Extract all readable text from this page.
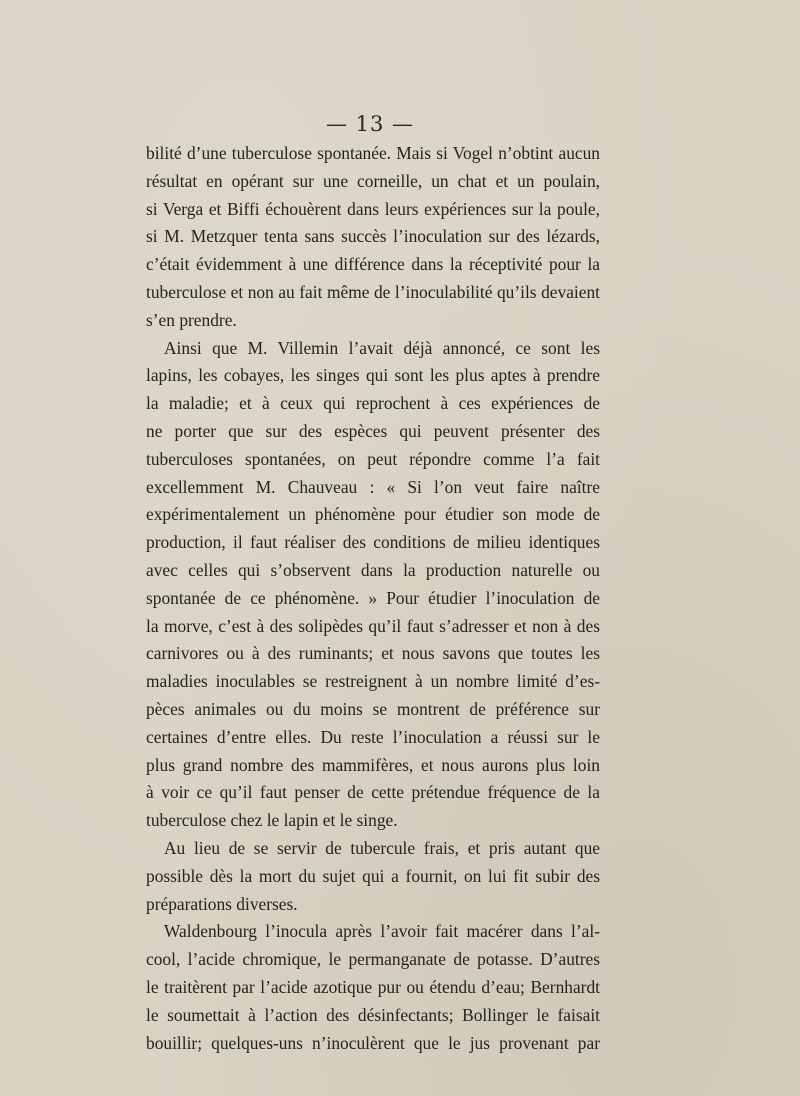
— 13 —
bilité d’une tuberculose spontanée. Mais si Vogel n’obtint aucun
résultat en opérant sur une corneille, un chat et un poulain,
si Verga et Biffi échouèrent dans leurs expériences sur la poule,
si M. Metzquer tenta sans succès l’inoculation sur des lézards,
c’était évidemment à une différence dans la réceptivité pour la
tuberculose et non au fait même de l’inoculabilité qu’ils devaient
s’en prendre.
Ainsi que M. Villemin l’avait déjà annoncé, ce sont les
lapins, les cobayes, les singes qui sont les plus aptes à prendre
la maladie; et à ceux qui reprochent à ces expériences de
ne porter que sur des espèces qui peuvent présenter des
tuberculoses spontanées, on peut répondre comme l’a fait
excellemment M. Chauveau : « Si l’on veut faire naître
expérimentalement un phénomène pour étudier son mode de
production, il faut réaliser des conditions de milieu identiques
avec celles qui s’observent dans la production naturelle ou
spontanée de ce phénomène. » Pour étudier l’inoculation de
la morve, c’est à des solipèdes qu’il faut s’adresser et non à des
carnivores ou à des ruminants; et nous savons que toutes les
maladies inoculables se restreignent à un nombre limité d’es-
pèces animales ou du moins se montrent de préférence sur
certaines d’entre elles. Du reste l’inoculation a réussi sur le
plus grand nombre des mammifères, et nous aurons plus loin
à voir ce qu’il faut penser de cette prétendue fréquence de la
tuberculose chez le lapin et le singe.
Au lieu de se servir de tubercule frais, et pris autant que
possible dès la mort du sujet qui a fournit, on lui fit subir des
préparations diverses.
Waldenbourg l’inocula après l’avoir fait macérer dans l’al-
cool, l’acide chromique, le permanganate de potasse. D’autres
le traitèrent par l’acide azotique pur ou étendu d’eau; Bernhardt
le soumettait à l’action des désinfectants; Bollinger le faisait
bouillir; quelques-uns n’inoculèrent que le jus provenant par
